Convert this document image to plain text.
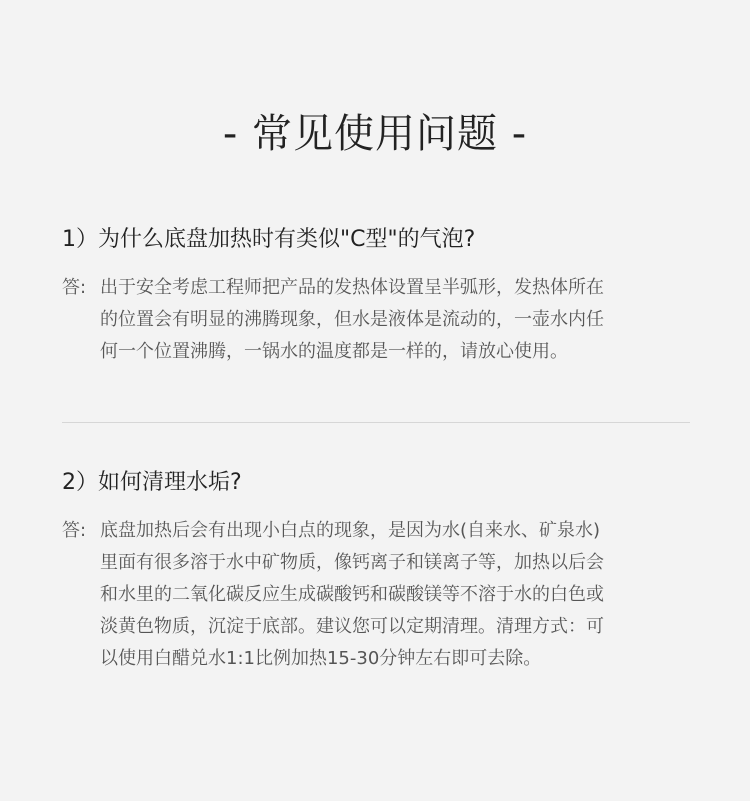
- 常见使用问题 -
1）为什么底盘加热时有类似"C型"的气泡?
答: 出于安全考虑工程师把产品的发热体设置呈半弧形，发热体所在
的位置会有明显的沸腾现象，但水是液体是流动的，一壶水内任
何一个位置沸腾，一锅水的温度都是一样的，请放心使用。
2）如何清理水垢?
答: 底盘加热后会有出现小白点的现象，是因为水(自来水、矿泉水)
里面有很多溶于水中矿物质，像钙离子和镁离子等，加热以后会
和水里的二氧化碳反应生成碳酸钙和碳酸镁等不溶于水的白色或
淡黄色物质，沉淀于底部。建议您可以定期清理。清理方式：可
以使用白醋兑水1:1比例加热15-30分钟左右即可去除。
